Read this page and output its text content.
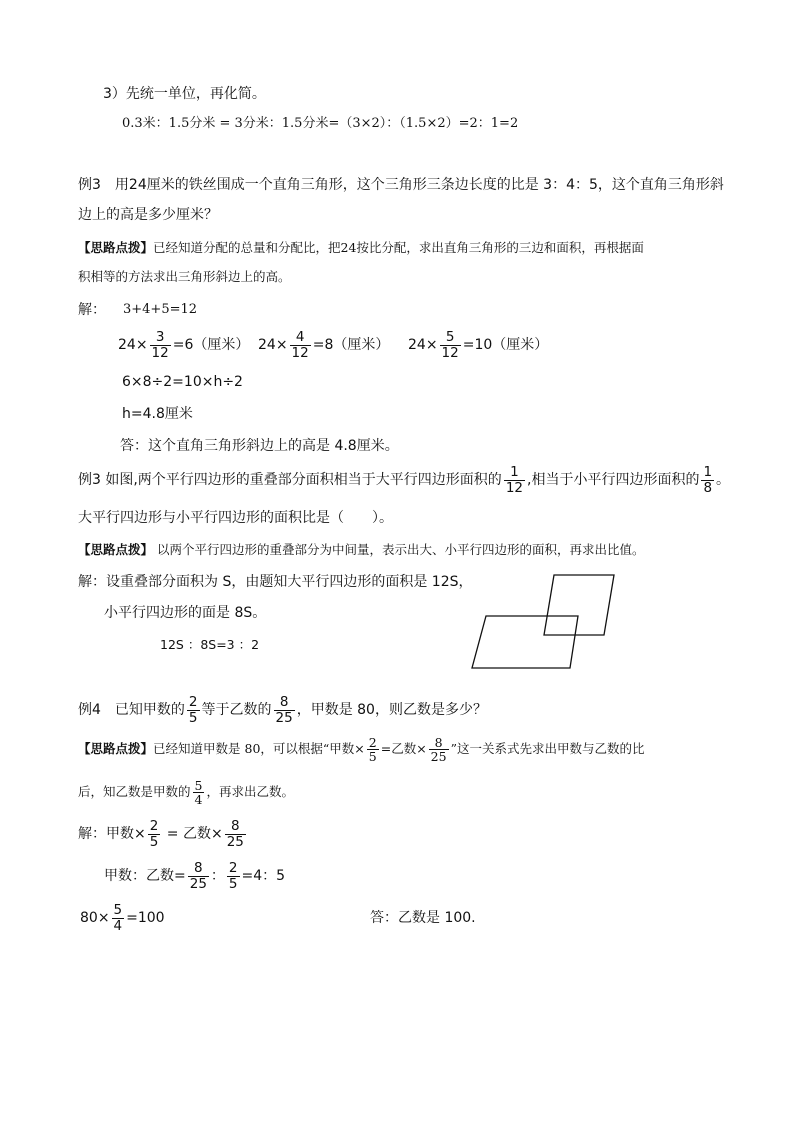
3）先统一单位，再化简。
0.3米：1.5分米 = 3分米：1.5分米=（3×2）：（1.5×2）=2：1=2
例3　用24厘米的铁丝围成一个直角三角形，这个三角形三条边长度的比是 3：4：5，这个直角三角形斜
边上的高是多少厘米？
【思路点拨】已经知道分配的总量和分配比，把24按比分配，求出直角三角形的三边和面积，再根据面
积相等的方法求出三角形斜边上的高。
解： 3+4+5=12
$24\times \frac{3}{12} =6$（厘米） $24\times \frac{4}{12} =8$（厘米） $24\times \frac{5}{12} =10$（厘米）
6×8÷2=10×h÷2
h=4.8厘米
答：这个直角三角形斜边上的高是 4.8厘米。
例3 如图,两个平行四边形的重叠部分面积相当于大平行四边形面积的 $\frac{1}{12}$ ,相当于小平行四边形面积的 $\frac{1}{8}$ 。
大平行四边形与小平行四边形的面积比是（　　）。
【思路点拨】 以两个平行四边形的重叠部分为中间量，表示出大、小平行四边形的面积，再求出比值。
解：设重叠部分面积为 S，由题知大平行四边形的面积是 12S，
小平行四边形的面是 8S。
12S ：8S=3 ：2
例4　已知甲数的 $\frac{2}{5}$ 等于乙数的 $\frac{8}{25}$ ，甲数是 80，则乙数是多少？
【思路点拨】已经知道甲数是 80，可以根据“甲数× $\frac{2}{5}$ =乙数× $\frac{8}{25}$ ”这一关系式先求出甲数与乙数的比
后，知乙数是甲数的 $\frac{5}{4}$ ，再求出乙数。
解：甲数× $\frac{2}{5}$ = 乙数× $\frac{8}{25}$
甲数：乙数= $\frac{8}{25}$ ： $\frac{2}{5} =4$：5
$80\times \frac{5}{4} =100$	答：乙数是 100.
